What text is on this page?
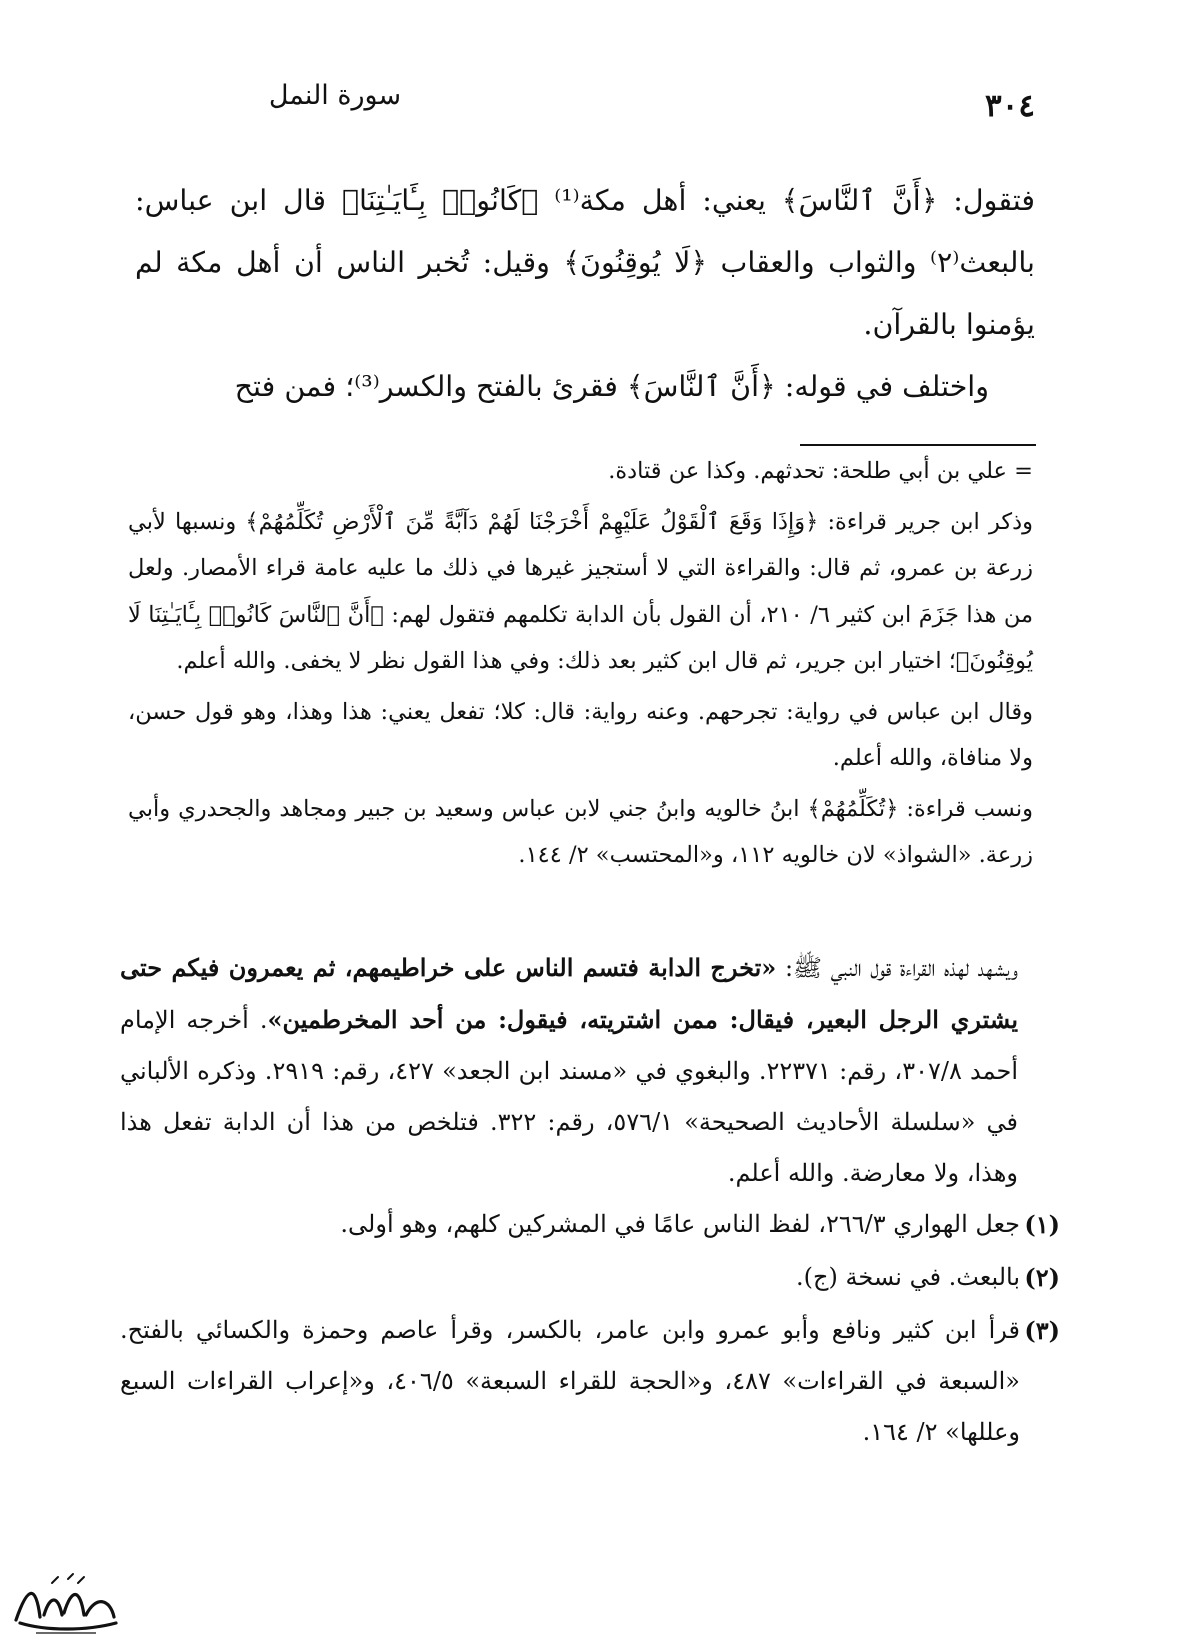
سورة النمل	٣٠٤

فتقول: ﴿أَنَّ ٱلنَّاسَ﴾ يعني: أهل مكة⁽¹⁾ ﴿كَانُوا۟ بِـَٔايَـٰتِنَا﴾ قال ابن عباس: بالبعث⁽٢⁾ والثواب والعقاب ﴿لَا يُوقِنُونَ﴾ وقيل: تُخبر الناس أن أهل مكة لم يؤمنوا بالقرآن.

واختلف في قوله: ﴿أَنَّ ٱلنَّاسَ﴾ فقرئ بالفتح والكسر⁽³⁾؛ فمن فتح

= علي بن أبي طلحة: تحدثهم. وكذا عن قتادة.

وذكر ابن جرير قراءة: ﴿وَإِذَا وَقَعَ ٱلْقَوْلُ عَلَيْهِمْ أَخْرَجْنَا لَهُمْ دَآبَّةً مِّنَ ٱلْأَرْضِ تُكَلِّمُهُمْ﴾ ونسبها لأبي زرعة بن عمرو، ثم قال: والقراءة التي لا أستجيز غيرها في ذلك ما عليه عامة قراء الأمصار. ولعل من هذا جَزَمَ ابن كثير ٦/ ٢١٠، أن القول بأن الدابة تكلمهم فتقول لهم: ﴿أَنَّ ٱلنَّاسَ كَانُوا۟ بِـَٔايَـٰتِنَا لَا يُوقِنُونَ﴾؛ اختيار ابن جرير، ثم قال ابن كثير بعد ذلك: وفي هذا القول نظر لا يخفى. والله أعلم.

وقال ابن عباس في رواية: تجرحهم. وعنه رواية: قال: كلا؛ تفعل يعني: هذا وهذا، وهو قول حسن، ولا منافاة، والله أعلم.

ونسب قراءة: ﴿تُكَلِّمُهُمْ﴾ ابنُ خالويه وابنُ جني لابن عباس وسعيد بن جبير ومجاهد والجحدري وأبي زرعة. «الشواذ» لان خالويه ١١٢، و«المحتسب» ٢/ ١٤٤.

ويشهد لهذه القراءة قول النبي ﷺ: «تخرج الدابة فتسم الناس على خراطيمهم، ثم يعمرون فيكم حتى يشتري الرجل البعير، فيقال: ممن اشتريته، فيقول: من أحد المخرطمين». أخرجه الإمام أحمد ٣٠٧/٨، رقم: ٢٢٣٧١. والبغوي في «مسند ابن الجعد» ٤٢٧، رقم: ٢٩١٩. وذكره الألباني في «سلسلة الأحاديث الصحيحة» ٥٧٦/١، رقم: ٣٢٢. فتلخص من هذا أن الدابة تفعل هذا وهذا، ولا معارضة. والله أعلم.

(١)
جعل الهواري ٢٦٦/٣، لفظ الناس عامًا في المشركين كلهم، وهو أولى.
(٢)
بالبعث. في نسخة (ج).
(٣)
قرأ ابن كثير ونافع وأبو عمرو وابن عامر، بالكسر، وقرأ عاصم وحمزة والكسائي بالفتح. «السبعة في القراءات» ٤٨٧، و«الحجة للقراء السبعة» ٤٠٦/٥، و«إعراب القراءات السبع وعللها» ٢/ ١٦٤.
